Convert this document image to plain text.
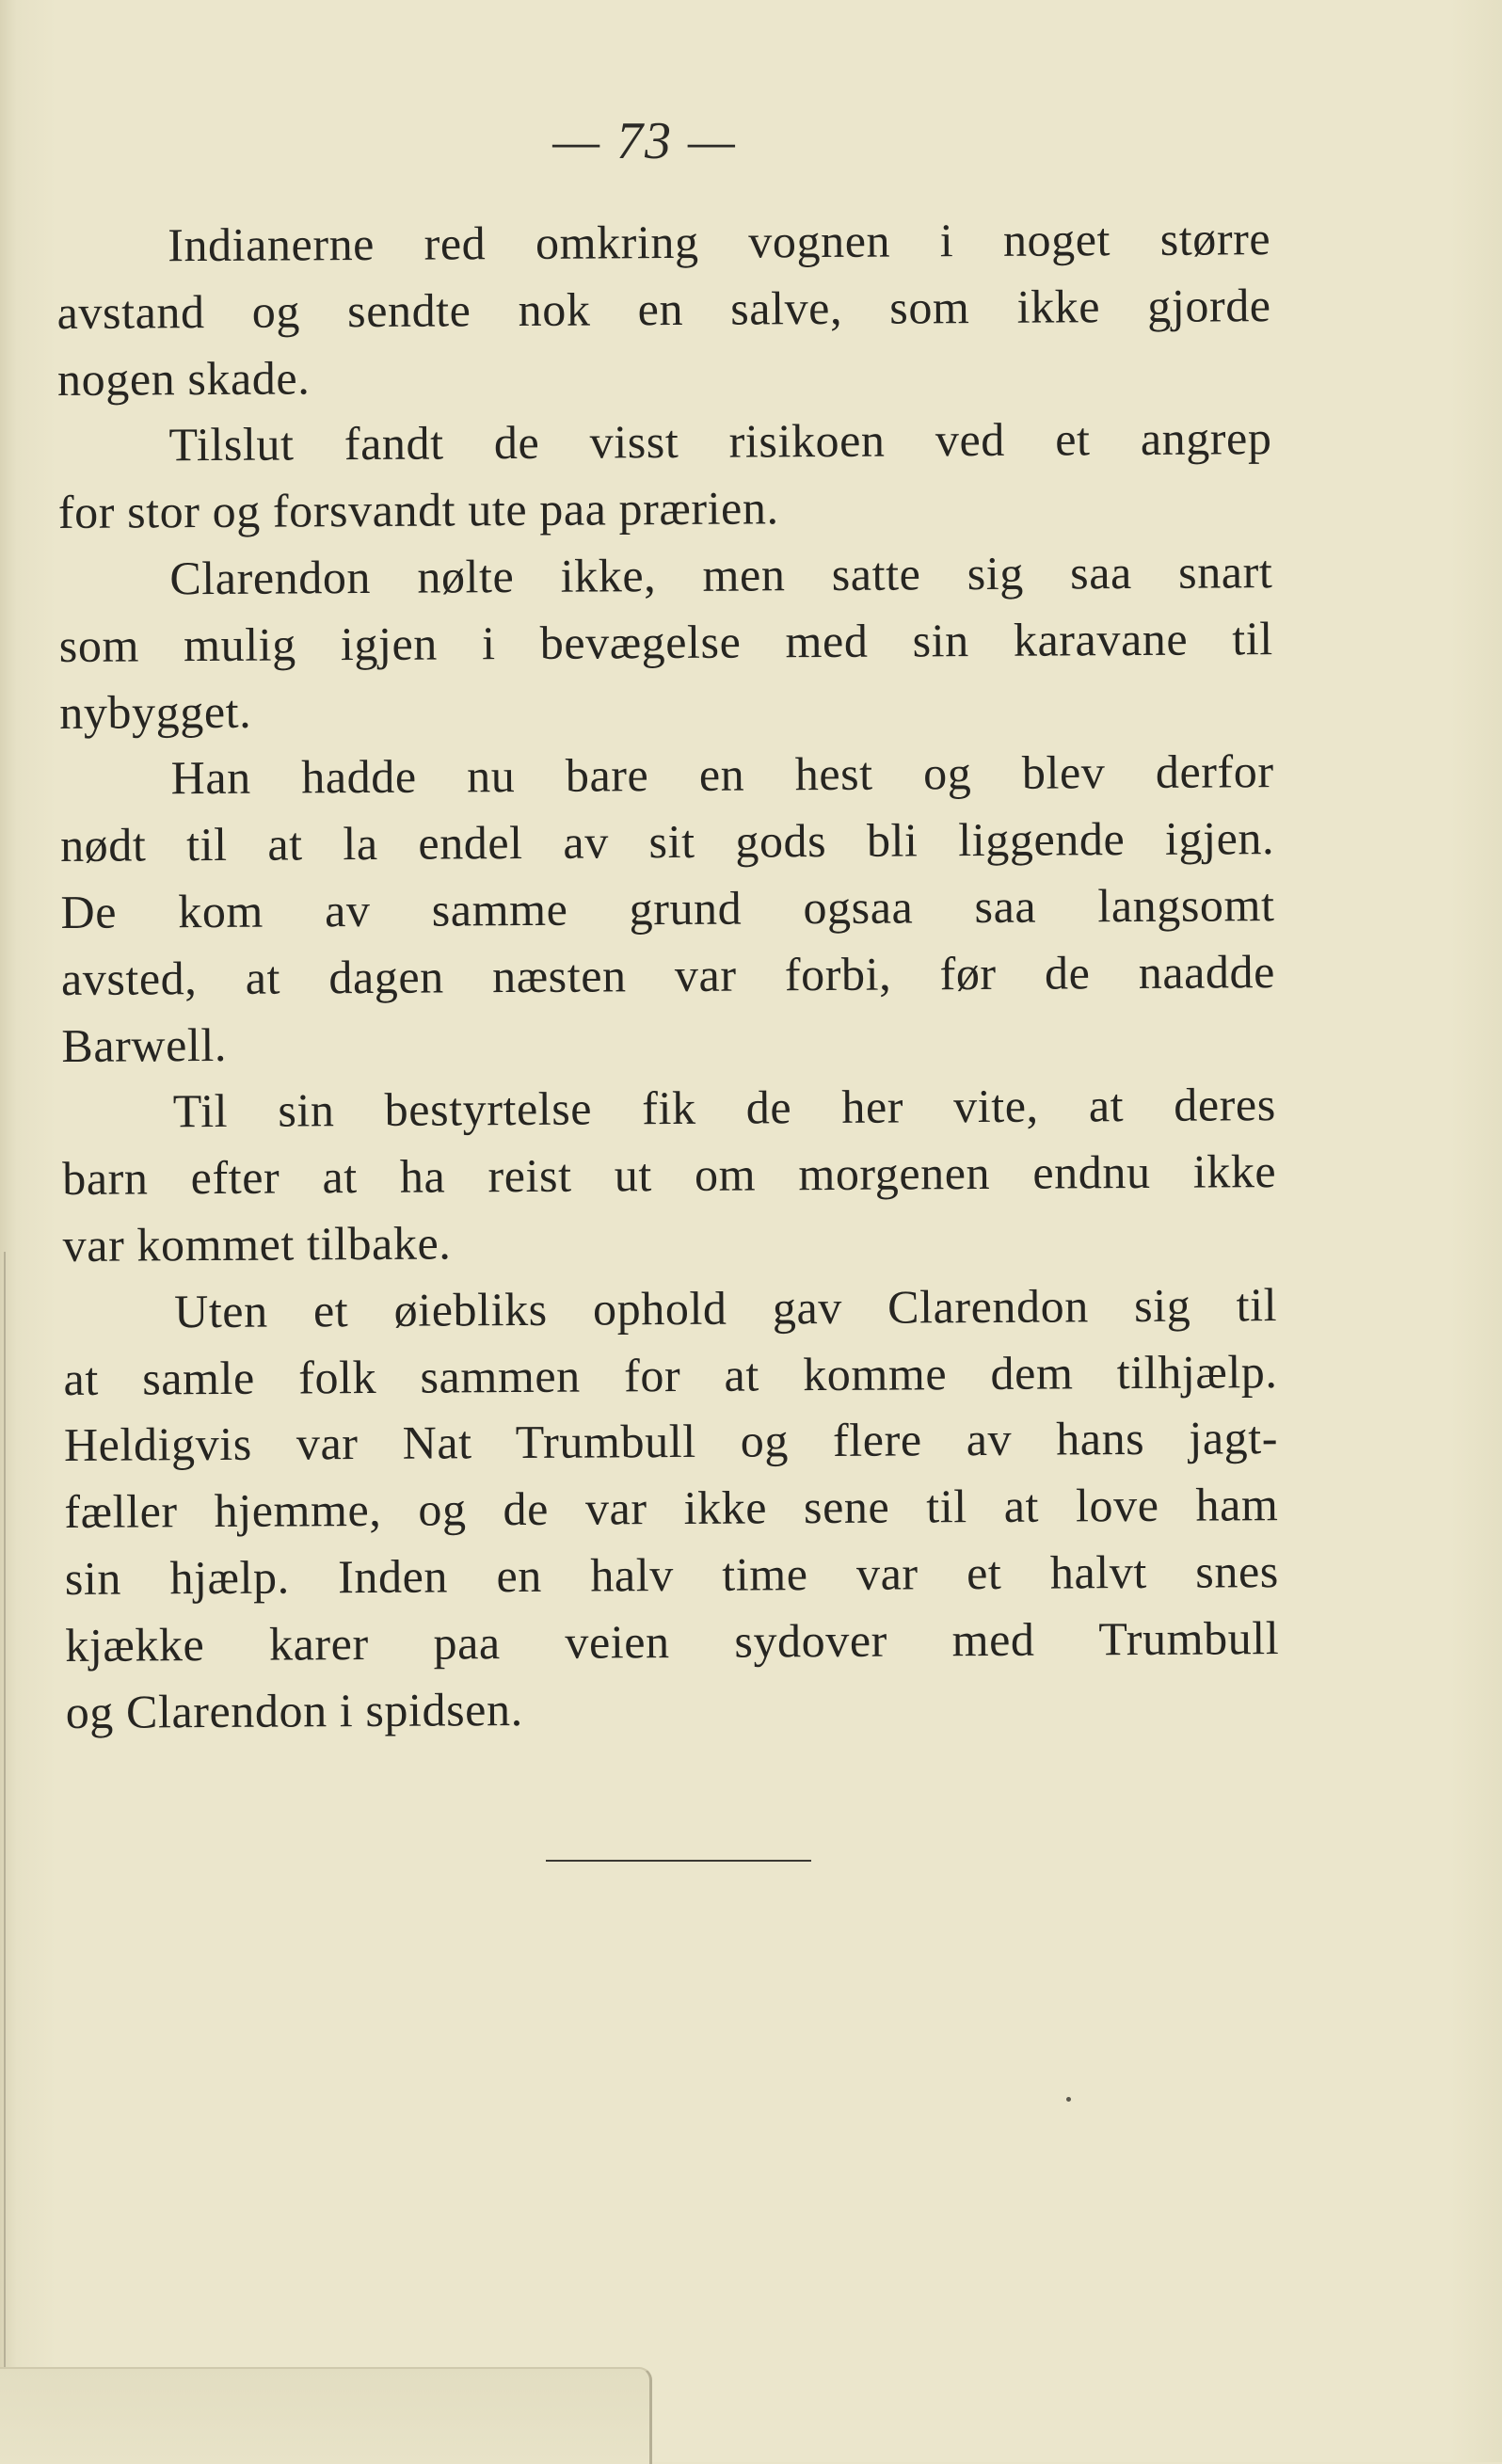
— 73 —
Indianerne red omkring vognen i noget større
avstand og sendte nok en salve, som ikke gjorde
nogen skade.
Tilslut fandt de visst risikoen ved et angrep
for stor og forsvandt ute paa prærien.
Clarendon nølte ikke, men satte sig saa snart
som mulig igjen i bevægelse med sin karavane til
nybygget.
Han hadde nu bare en hest og blev derfor
nødt til at la endel av sit gods bli liggende igjen.
De kom av samme grund ogsaa saa langsomt
avsted, at dagen næsten var forbi, før de naadde
Barwell.
Til sin bestyrtelse fik de her vite, at deres
barn efter at ha reist ut om morgenen endnu ikke
var kommet tilbake.
Uten et øiebliks ophold gav Clarendon sig til
at samle folk sammen for at komme dem tilhjælp.
Heldigvis var Nat Trumbull og flere av hans jagt-
fæller hjemme, og de var ikke sene til at love ham
sin hjælp. Inden en halv time var et halvt snes
kjække karer paa veien sydover med Trumbull
og Clarendon i spidsen.
